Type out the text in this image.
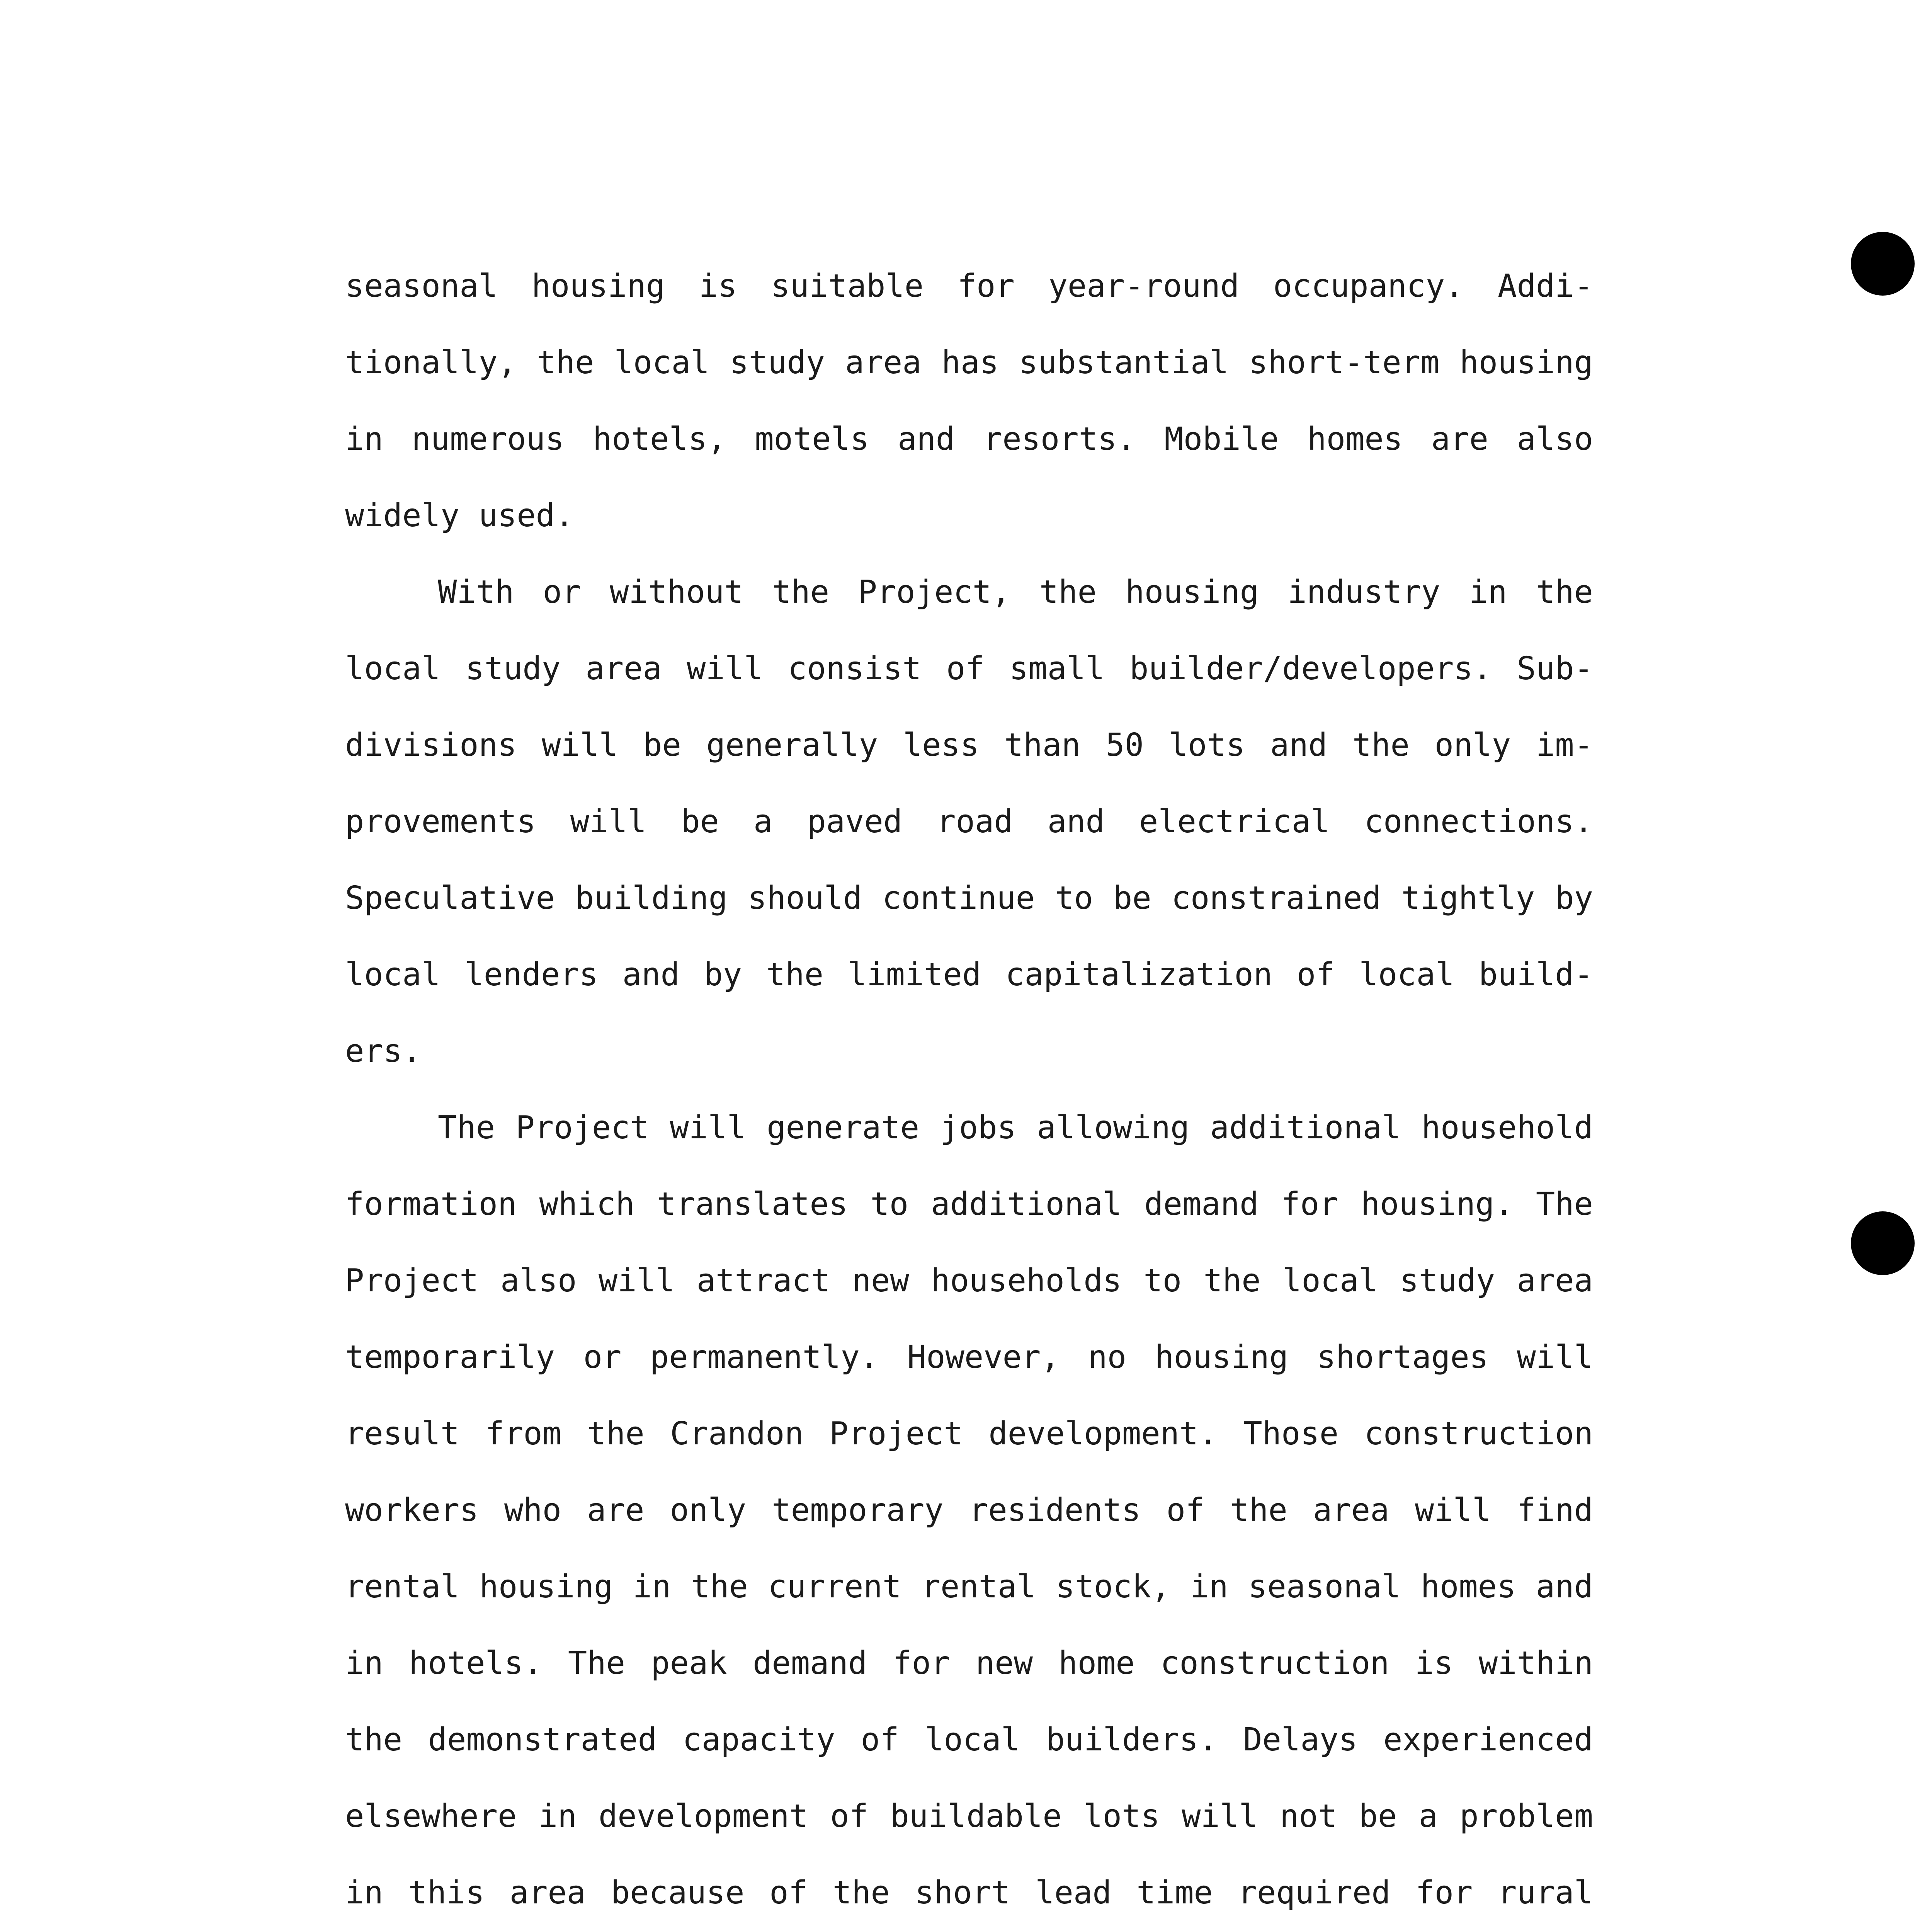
seasonal housing is suitable for year-round occupancy. Addi-
tionally, the local study area has substantial short-term housing
in numerous hotels, motels and resorts. Mobile homes are also
widely used.
With or without the Project, the housing industry in the
local study area will consist of small builder/developers. Sub-
divisions will be generally less than 50 lots and the only im-
provements will be a paved road and electrical connections.
Speculative building should continue to be constrained tightly by
local lenders and by the limited capitalization of local build-
ers.
The Project will generate jobs allowing additional household
formation which translates to additional demand for housing. The
Project also will attract new households to the local study area
temporarily or permanently. However, no housing shortages will
result from the Crandon Project development. Those construction
workers who are only temporary residents of the area will find
rental housing in the current rental stock, in seasonal homes and
in hotels. The peak demand for new home construction is within
the demonstrated capacity of local builders. Delays experienced
elsewhere in development of buildable lots will not be a problem
in this area because of the short lead time required for rural
